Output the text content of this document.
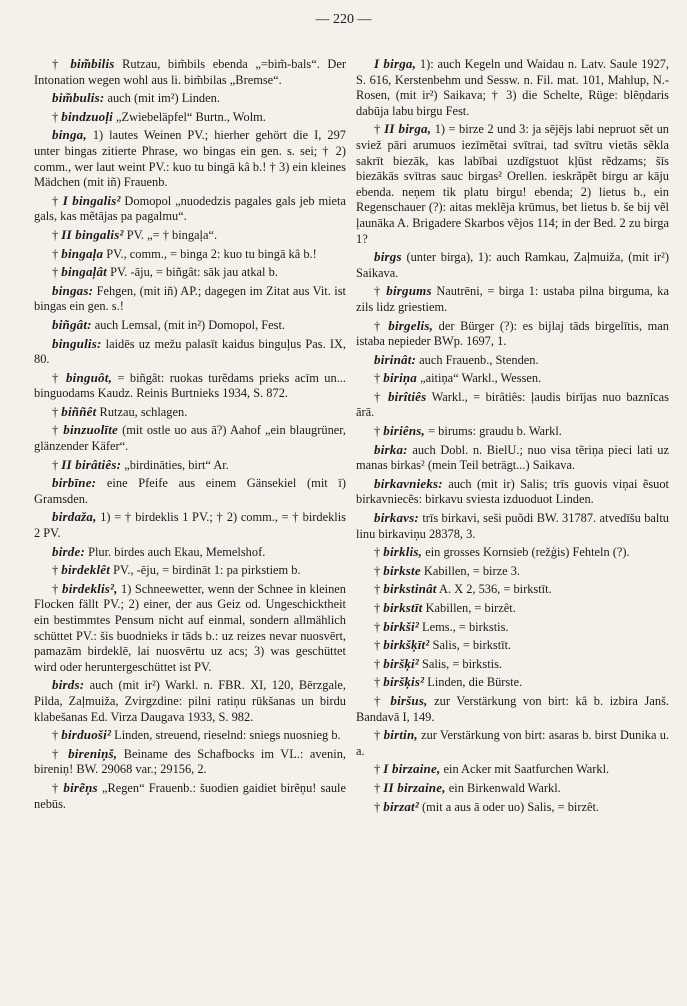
— 220 —

† bim̃bilis Rutzau, bim̃bils ebenda „=bim̃-bals“. Der Intonation wegen wohl aus li. bim̃bilas „Bremse“.

bim̃bulis: auch (mit im²) Linden.

† bindzuoļi „Zwiebeläpfel“ Burtn., Wolm.

binga, 1) lautes Weinen PV.; hierher gehört die I, 297 unter bingas zitierte Phrase, wo bingas ein gen. s. sei; † 2) comm., wer laut weint PV.: kuo tu bingā kâ b.! † 3) ein kleines Mädchen (mit iñ) Frauenb.

† I bingalis² Domopol „nuodedzis pagales gals jeb mieta gals, kas mẽtājas pa pagalmu“.

† II bingalis² PV. „= † bingaļa“.

† bingaļa PV., comm., = binga 2: kuo tu bingā kâ b.!

† bingaļât PV. -āju, = biñgât: sāk jau atkal b.

bingas: Fehgen, (mit iñ) AP.; dagegen im Zitat aus Vit. ist bingas ein gen. s.!

biñgât: auch Lemsal, (mit in²) Domopol, Fest.

bingulis: laidēs uz mežu palasīt kaidus binguļus Pas. IX, 80.

† binguôt, = biñgât: ruokas turẽdams prieks acīm un... binguodams Kaudz. Reinis Burtnieks 1934, S. 872.

† biññêt Rutzau, schlagen.

† binzuolīte (mit ostle uo aus ā?) Aahof „ein blaugrüner, glänzender Käfer“.

† II birâtiês: „birdināties, birt“ Ar.

birbīne: eine Pfeife aus einem Gänsekiel (mit ī) Gramsden.

birdaža, 1) = † birdeklis 1 PV.; † 2) comm., = † birdeklis 2 PV.

birde: Plur. birdes auch Ekau, Memelshof.

† birdeklêt PV., -ēju, = birdināt 1: pa pirkstiem b.

† birdeklis², 1) Schneewetter, wenn der Schnee in kleinen Flocken fällt PV.; 2) einer, der aus Geiz od. Ungeschicktheit ein bestimmtes Pensum nicht auf einmal, sondern allmählich schüttet PV.: šis buodnieks ir tāds b.: uz reizes nevar nuosvērt, pamazām birdeklē, lai nuosvērtu uz acs; 3) was geschüttet wird oder heruntergeschüttet ist PV.

birds: auch (mit ir²) Warkl. n. FBR. XI, 120, Bērzgale, Pilda, Zaļmuiža, Zvirgzdine: pilni ratiņu rūkšanas un birdu klabešanas Ed. Virza Daugava 1933, S. 982.

† birduoši² Linden, streuend, rieselnd: sniegs nuosnieg b.

† bireniņš, Beiname des Schafbocks im VL.: avenin, bireniņ! BW. 29068 var.; 29156, 2.

† birẽņs „Regen“ Frauenb.: šuodien gaidiet birẽņu! saule nebūs.

I birga, 1): auch Kegeln und Waidau n. Latv. Saule 1927, S. 616, Kerstenbehm und Sessw. n. Fil. mat. 101, Mahlup, N.-Rosen, (mit ir²) Saikava; † 3) die Schelte, Rüge: blẽņdaris dabūja labu birgu Fest.

† II birga, 1) = birze 2 und 3: ja sējējs labi nepruot sẽt un sviež pāri arumuos iezīmẽtai svītrai, tad svītru vietās sẽkla sakrīt biezāk, kas labībai uzdīgstuot kļūst rẽdzams; šīs biezākās svītras sauc birgas² Orellen. ieskrãpẽt birgu ar kāju ebenda. neņem tik platu birgu! ebenda; 2) lietus b., ein Regenschauer (?): aitas meklẽja krūmus, bet lietus b. še bij vẽl ļaunāka A. Brigadere Skarbos vẽjos 114; in der Bed. 2 zu birga 1?

birgs (unter birga), 1): auch Ramkau, Zaļmuiža, (mit ir²) Saikava.

† birgums Nautrēni, = birga 1: ustaba pilna birguma, ka zils lidz griestiem.

† birgelis, der Bürger (?): es bijlaj tāds birgelītis, man istaba nepieder BWp. 1697, 1.

birinât: auch Frauenb., Stenden.

† biriņa „aitiņa“ Warkl., Wessen.

† birîtiês Warkl., = birâtiês: ļaudis birījas nuo baznīcas ārā.

† biriêns, = birums: graudu b. Warkl.

birka: auch Dobl. n. BielU.; nuo visa tẽriņa pieci lati uz manas birkas² (mein Teil beträgt...) Saikava.

birkavnieks: auch (mit ir) Salis; trīs guovis viņai ẽsuot birkavniecẽs: birkavu sviesta izduoduot Linden.

birkavs: trīs birkavi, seši puõdi BW. 31787. atvedīšu baltu linu birkaviņu 28378, 3.

† birklis, ein grosses Kornsieb (režģis) Fehteln (?).

† birkste Kabillen, = birze 3.

† birkstinât A. X 2, 536, = birkstīt.

† birkstīt Kabillen, = birzêt.

† birkši² Lems., = birkstis.

† birkšķīt² Salis, = birkstīt.

† biršķi² Salis, = birkstis.

† biršķis² Linden, die Bürste.

† biršus, zur Verstärkung von birt: kâ b. izbira Janš. Bandavā I, 149.

† birtin, zur Verstärkung von birt: asaras b. birst Dunika u. a.

† I birzaine, ein Acker mit Saatfurchen Warkl.

† II birzaine, ein Birkenwald Warkl.

† birzat² (mit a aus ā oder uo) Salis, = birzêt.
